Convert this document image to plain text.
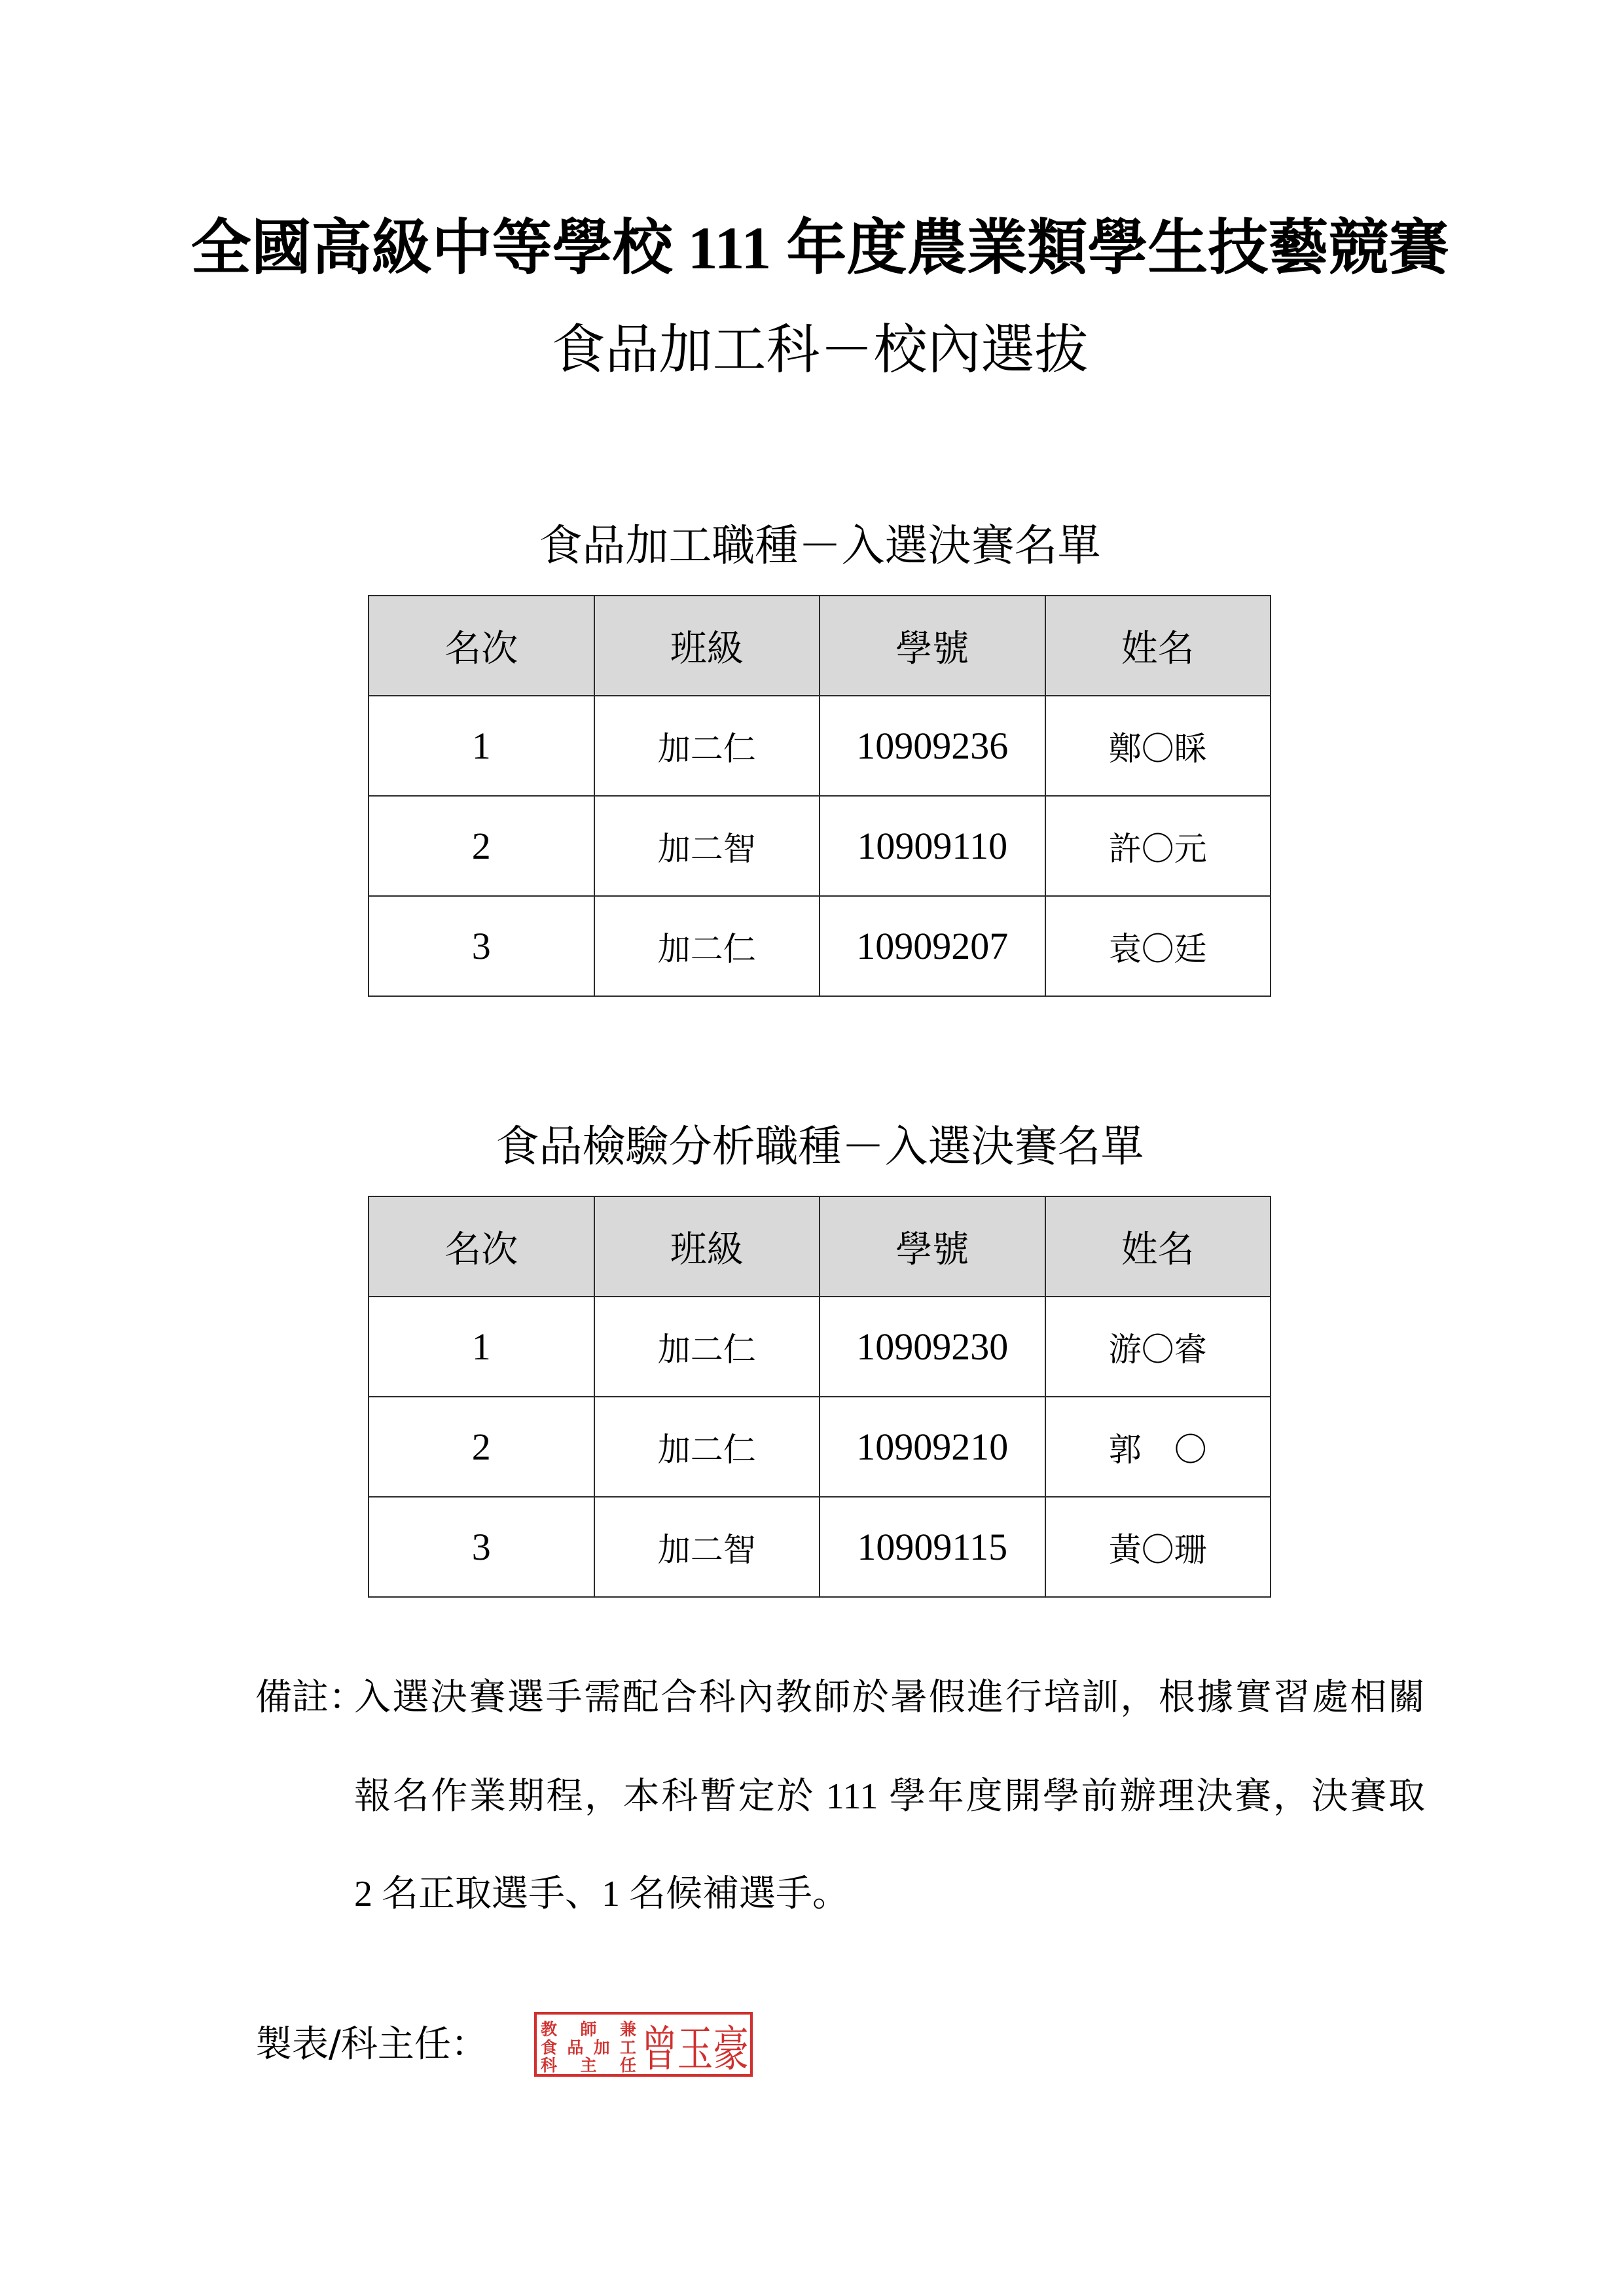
全國高級中等學校 111 年度農業類學生技藝競賽
食品加工科－校內選拔
食品加工職種－入選決賽名單
名次	班級	學號	姓名
1	加二仁	10909236	鄭〇睬
2	加二智	10909110	許〇元
3	加二仁	10909207	袁〇廷
食品檢驗分析職種－入選決賽名單
名次	班級	學號	姓名
1	加二仁	10909230	游〇睿
2	加二仁	10909210	郭　〇
3	加二智	10909115	黃〇珊
備註：
入選決賽選手需配合科內教師於暑假進行培訓，根據實習處相關
報名作業期程，本科暫定於 111 學年度開學前辦理決賽，決賽取
2 名正取選手、1 名候補選手。
製表/科主任：	教師兼
食品加工
科主任 曾玉豪
